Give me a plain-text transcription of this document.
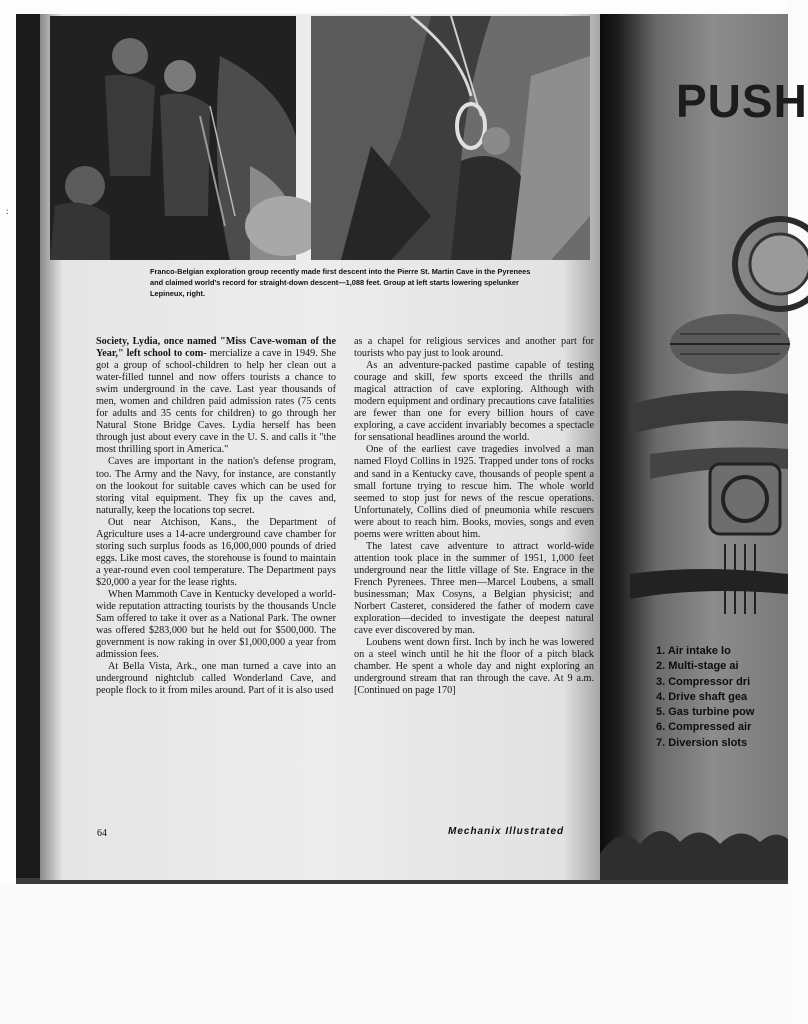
:
Franco-Belgian exploration group recently made first descent into the Pierre St. Martin Cave in the Pyrenees and claimed world's record for straight-down descent—1,088 feet. Group at left starts lowering spelunker Lepineux, right.

Society, Lydia, once named "Miss Cave-woman of the Year," left school to com- mercialize a cave in 1949. She got a group of school-children to help her clean out a water-filled tunnel and now offers tourists a chance to swim underground in the cave. Last year thousands of men, women and children paid admission rates (75 cents for adults and 35 cents for children) to go through her Natural Stone Bridge Caves. Lydia herself has been through just about every cave in the U. S. and calls it "the most thrilling sport in America."

Caves are important in the nation's defense program, too. The Army and the Navy, for instance, are constantly on the lookout for suitable caves which can be used for storing vital equipment. They fix up the caves and, naturally, keep the locations top secret.

Out near Atchison, Kans., the Department of Agriculture uses a 14-acre underground cave chamber for storing such surplus foods as 16,000,000 pounds of dried eggs. Like most caves, the storehouse is found to maintain a year-round even cool temperature. The Department pays $20,000 a year for the lease rights.

When Mammoth Cave in Kentucky developed a world-wide reputation attracting tourists by the thousands Uncle Sam offered to take it over as a National Park. The owner was offered $283,000 but he held out for $500,000. The government is now raking in over $1,000,000 a year from admission fees.

At Bella Vista, Ark., one man turned a cave into an underground nightclub called Wonderland Cave, and people flock to it from miles around. Part of it is also used

as a chapel for religious services and another part for tourists who pay just to look around.

As an adventure-packed pastime capable of testing courage and skill, few sports exceed the thrills and magical attraction of cave exploring. Although with modern equipment and ordinary precautions cave fatalities are fewer than one for every billion hours of cave exploring, a cave accident invariably becomes a spectacle for sensational headlines around the world.

One of the earliest cave tragedies involved a man named Floyd Collins in 1925. Trapped under tons of rocks and sand in a Kentucky cave, thousands of people spent a small fortune trying to rescue him. The whole world seemed to stop just for news of the rescue operations. Unfortunately, Collins died of pneumonia while rescuers were about to reach him. Books, movies, songs and even poems were written about him.

The latest cave adventure to attract world-wide attention took place in the summer of 1951, 1,000 feet underground near the little village of Ste. Engrace in the French Pyrenees. Three men—Marcel Loubens, a small businessman; Max Cosyns, a Belgian physicist; and Norbert Casteret, considered the father of modern cave exploration—decided to investigate the deepest natural cave ever discovered by man.

Loubens went down first. Inch by inch he was lowered on a steel winch until he hit the floor of a pitch black chamber. He spent a whole day and night exploring an underground stream that ran through the cave. At 9 a.m. [Continued on page 170]

64	Mechanix Illustrated
PUSH
1. Air intake lo
2. Multi-stage ai
3. Compressor dri
4. Drive shaft gea
5. Gas turbine pow
6. Compressed air
7. Diversion slots
